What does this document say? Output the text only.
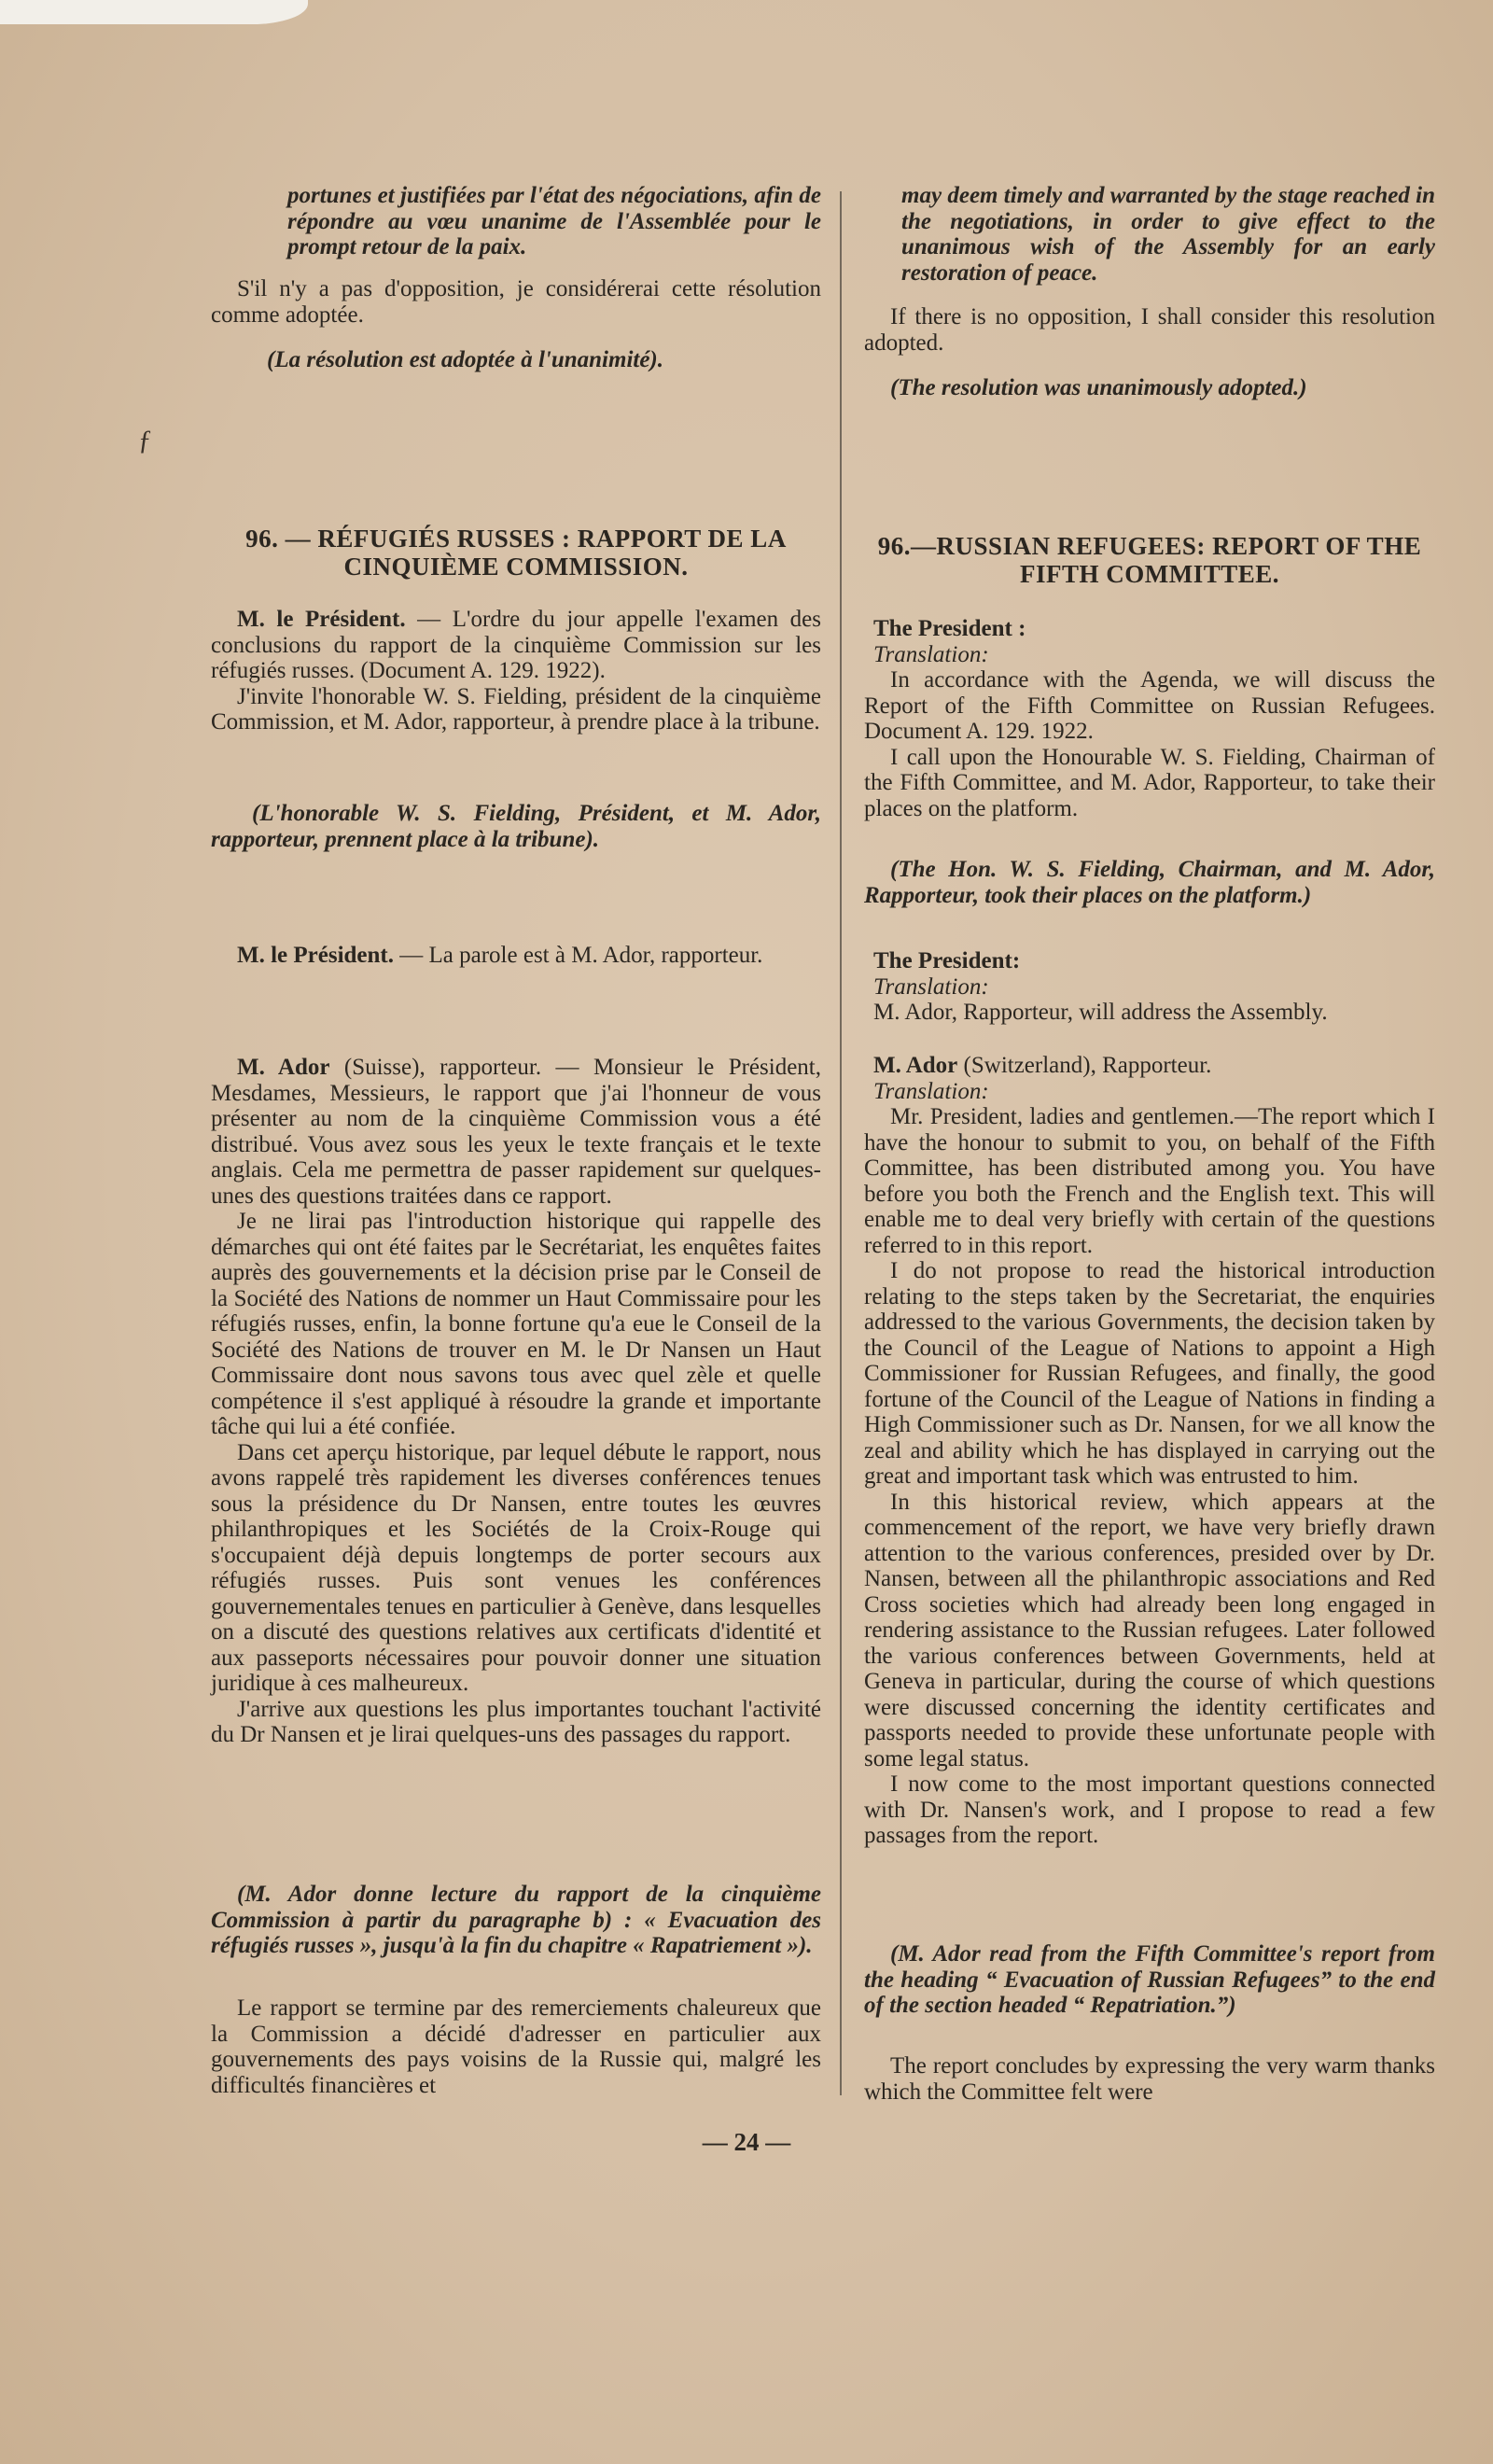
ƒ

portunes et justifiées par l'état des négociations, afin de répondre au vœu unanime de l'Assemblée pour le prompt retour de la paix.

S'il n'y a pas d'opposition, je considérerai cette résolution comme adoptée.

(La résolution est adoptée à l'unanimité).

96. — RÉFUGIÉS RUSSES : RAPPORT DE LA
CINQUIÈME COMMISSION.

M. le Président. — L'ordre du jour appelle l'examen des conclusions du rapport de la cinquième Commission sur les réfugiés russes. (Document A. 129. 1922).

J'invite l'honorable W. S. Fielding, président de la cinquième Commission, et M. Ador, rapporteur, à prendre place à la tribune.

(L'honorable W. S. Fielding, Président, et M. Ador, rapporteur, prennent place à la tribune).

M. le Président. — La parole est à M. Ador, rapporteur.

M. Ador (Suisse), rapporteur. — Monsieur le Président, Mesdames, Messieurs, le rapport que j'ai l'honneur de vous présenter au nom de la cinquième Commission vous a été distribué. Vous avez sous les yeux le texte français et le texte anglais. Cela me permettra de passer rapidement sur quelques-unes des questions traitées dans ce rapport.

Je ne lirai pas l'introduction historique qui rappelle des démarches qui ont été faites par le Secrétariat, les enquêtes faites auprès des gouvernements et la décision prise par le Conseil de la Société des Nations de nommer un Haut Commissaire pour les réfugiés russes, enfin, la bonne fortune qu'a eue le Conseil de la Société des Nations de trouver en M. le Dr Nansen un Haut Commissaire dont nous savons tous avec quel zèle et quelle compétence il s'est appliqué à résoudre la grande et importante tâche qui lui a été confiée.

Dans cet aperçu historique, par lequel débute le rapport, nous avons rappelé très rapidement les diverses conférences tenues sous la présidence du Dr Nansen, entre toutes les œuvres philanthropiques et les Sociétés de la Croix-Rouge qui s'occupaient déjà depuis longtemps de porter secours aux réfugiés russes. Puis sont venues les conférences gouvernementales tenues en particulier à Genève, dans lesquelles on a discuté des questions relatives aux certificats d'identité et aux passeports nécessaires pour pouvoir donner une situation juridique à ces malheureux.

J'arrive aux questions les plus importantes touchant l'activité du Dr Nansen et je lirai quelques-uns des passages du rapport.

(M. Ador donne lecture du rapport de la cinquième Commission à partir du paragraphe b) : « Evacuation des réfugiés russes », jusqu'à la fin du chapitre « Rapatriement »).

Le rapport se termine par des remerciements chaleureux que la Commission a décidé d'adresser en particulier aux gouvernements des pays voisins de la Russie qui, malgré les difficultés financières et

may deem timely and warranted by the stage reached in the negotiations, in order to give effect to the unanimous wish of the Assembly for an early restoration of peace.

If there is no opposition, I shall consider this resolution adopted.

(The resolution was unanimously adopted.)

96.—RUSSIAN REFUGEES: REPORT OF THE
FIFTH COMMITTEE.

The President :

Translation:

In accordance with the Agenda, we will discuss the Report of the Fifth Committee on Russian Refugees. Document A. 129. 1922.

I call upon the Honourable W. S. Fielding, Chairman of the Fifth Committee, and M. Ador, Rapporteur, to take their places on the platform.

(The Hon. W. S. Fielding, Chairman, and M. Ador, Rapporteur, took their places on the platform.)

The President:

Translation:

M. Ador, Rapporteur, will address the Assembly.

M. Ador (Switzerland), Rapporteur.

Translation:

Mr. President, ladies and gentlemen.—The report which I have the honour to submit to you, on behalf of the Fifth Committee, has been distributed among you. You have before you both the French and the English text. This will enable me to deal very briefly with certain of the questions referred to in this report.

I do not propose to read the historical introduction relating to the steps taken by the Secretariat, the enquiries addressed to the various Governments, the decision taken by the Council of the League of Nations to appoint a High Commissioner for Russian Refugees, and finally, the good fortune of the Council of the League of Nations in finding a High Commissioner such as Dr. Nansen, for we all know the zeal and ability which he has displayed in carrying out the great and important task which was entrusted to him.

In this historical review, which appears at the commencement of the report, we have very briefly drawn attention to the various conferences, presided over by Dr. Nansen, between all the philanthropic associations and Red Cross societies which had already been long engaged in rendering assistance to the Russian refugees. Later followed the various conferences between Governments, held at Geneva in particular, during the course of which questions were discussed concerning the identity certificates and passports needed to provide these unfortunate people with some legal status.

I now come to the most important questions connected with Dr. Nansen's work, and I propose to read a few passages from the report.

(M. Ador read from the Fifth Committee's report from the heading “ Evacuation of Russian Refugees” to the end of the section headed “ Repatriation.”)

The report concludes by expressing the very warm thanks which the Committee felt were

— 24 —
